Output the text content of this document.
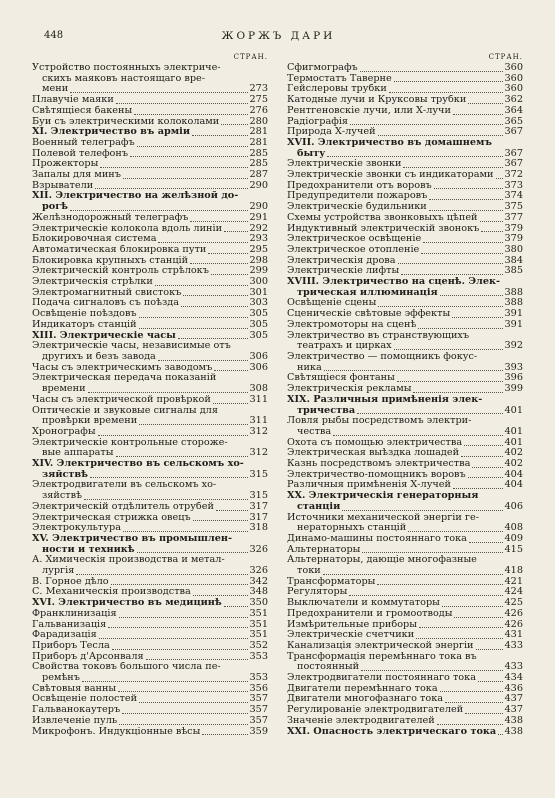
448	ЖОРЖЪ ДАРИ
СТРАН.
Устройство постоянныхъ электриче-
скихъ маяковъ настоящаго вре-
мени	273
Плавучiе маяки	275
Свѣтящiеся бакены	276
Буи съ электрическими колоколами	280
XI. Электричество въ арміи	281
Военный телеграфъ	281
Полевой телефонъ	285
Прожекторы	285
Запалы для минъ	287
Взрыватели	290
XII. Электричество на желѣзной до-
рогѣ	290
Желѣзнодорожный телеграфъ	291
Электрическiе колокола вдоль линiи	292
Блокировочная система	293
Автоматическая блокировка пути	295
Блокировка крупныхъ станцiй	298
Электрическiй контроль стрѣлокъ	299
Электрическiя стрѣлки	300
Электромагнитный свистокъ	301
Подача сигналовъ съ поѣзда	303
Освѣщенiе поѣздовъ	305
Индикаторъ станцiй	305
XIII. Электрическiе часы	305
Электрическiе часы, независимые отъ
другихъ и безъ завода	306
Часы съ электрическимъ заводомъ	306
Электрическая передача показанiй
времени	308
Часы съ электрической провѣркой	311
Оптическiе и звуковые сигналы для
провѣрки времени	311
Хронографы	312
Электрическiе контрольные стороже-
вые аппараты	312
XIV. Электричество въ сельскомъ хо-
зяйствѣ	315
Электродвигатели въ сельскомъ хо-
зяйствѣ	315
Электрическiй отдѣлитель отрубей	317
Электрическая стрижка овецъ	317
Электрокультура	318
XV. Электричество въ промышлен-
ности и техникѣ	326
А. Химическiя производства и метал-
лургiя	326
В. Горное дѣло	342
С. Механическiя производства	348
XVI. Электричество въ медицинѣ	350
Франклинизацiя	351
Гальванизацiя	351
Фарадизацiя	351
Приборъ Тесла	352
Приборъ д'Арсонваля	353
Свойства токовъ большого числа пе-
ремѣнъ	353
Свѣтовыя ванны	356
Освѣщенiе полостей	357
Гальванокаутеръ	357
Извлеченiе пуль	357
Микрофонъ. Индукцiонные вѣсы	359
СТРАН.
Сфигмографъ	360
Термостатъ Таверне	360
Гейслеровы трубки	360
Катодные лучи и Круксовы трубки	362
Рентгеновскiе лучи, или Х-лучи	364
Радiографiя	365
Природа Х-лучей	367
XVII. Электричество въ домашнемъ
быту	367
Электрическiе звонки	367
Электрическiе звонки съ индикаторами 372
Предохранители отъ воровъ	373
Предупредители пожаровъ	374
Электрическiе будильники	375
Схемы устройства звонковыхъ цѣпей	377
Индуктивный электрическiй звонокъ	379
Электрическое освѣщенiе	379
Электрическое отопленiе	380
Электрическiя дрова	384
Электрическiе лифты	385
XVIII. Электричество на сценѣ. Элек-
трическая иллюминацiя	388
Освѣщенiе сцены	388
Сценическiе свѣтовые эффекты	391
Электромоторы на сценѣ	391
Электричество въ странствующихъ
театрахъ и цирках	392
Электричество — помощникъ фокус-
ника	393
Свѣтящiеся фонтаны	396
Электрическiя рекламы	399
XIX. Различныя примѣненія элек-
тричества	401
Ловля рыбы посредствомъ электри-
чества	401
Охота съ помощью электричества	401
Электрическая выѣздка лошадей	402
Казнь посредствомъ электричества	402
Электричество-помощникъ воровъ	404
Различныя примѣненiя Х-лучей	404
XX. Электрическія генераторныя
станціи	406
Источники механической энергiи ге-
нераторныхъ станцiй	408
Динамо-машины постояннаго тока	409
Альтернаторы	415
Альтернаторы, дающiе многофазные
токи	418
Трансформаторы	421
Регуляторы	424
Выключатели и коммутаторы	425
Предохранители и громоотводы	426
Измѣрительные приборы	426
Электрическiе счетчики	431
Канализацiя электрической энергiи	433
Трансформацiя перемѣннаго тока въ
постоянный	433
Электродвигатели постояннаго тока	434
Двигатели перемѣннаго тока	436
Двигатели многофазнаго тока	437
Регулированiе электродвигателей	437
Значенiе электродвигателей	438
XXI. Опасность электрическаго тока 438
